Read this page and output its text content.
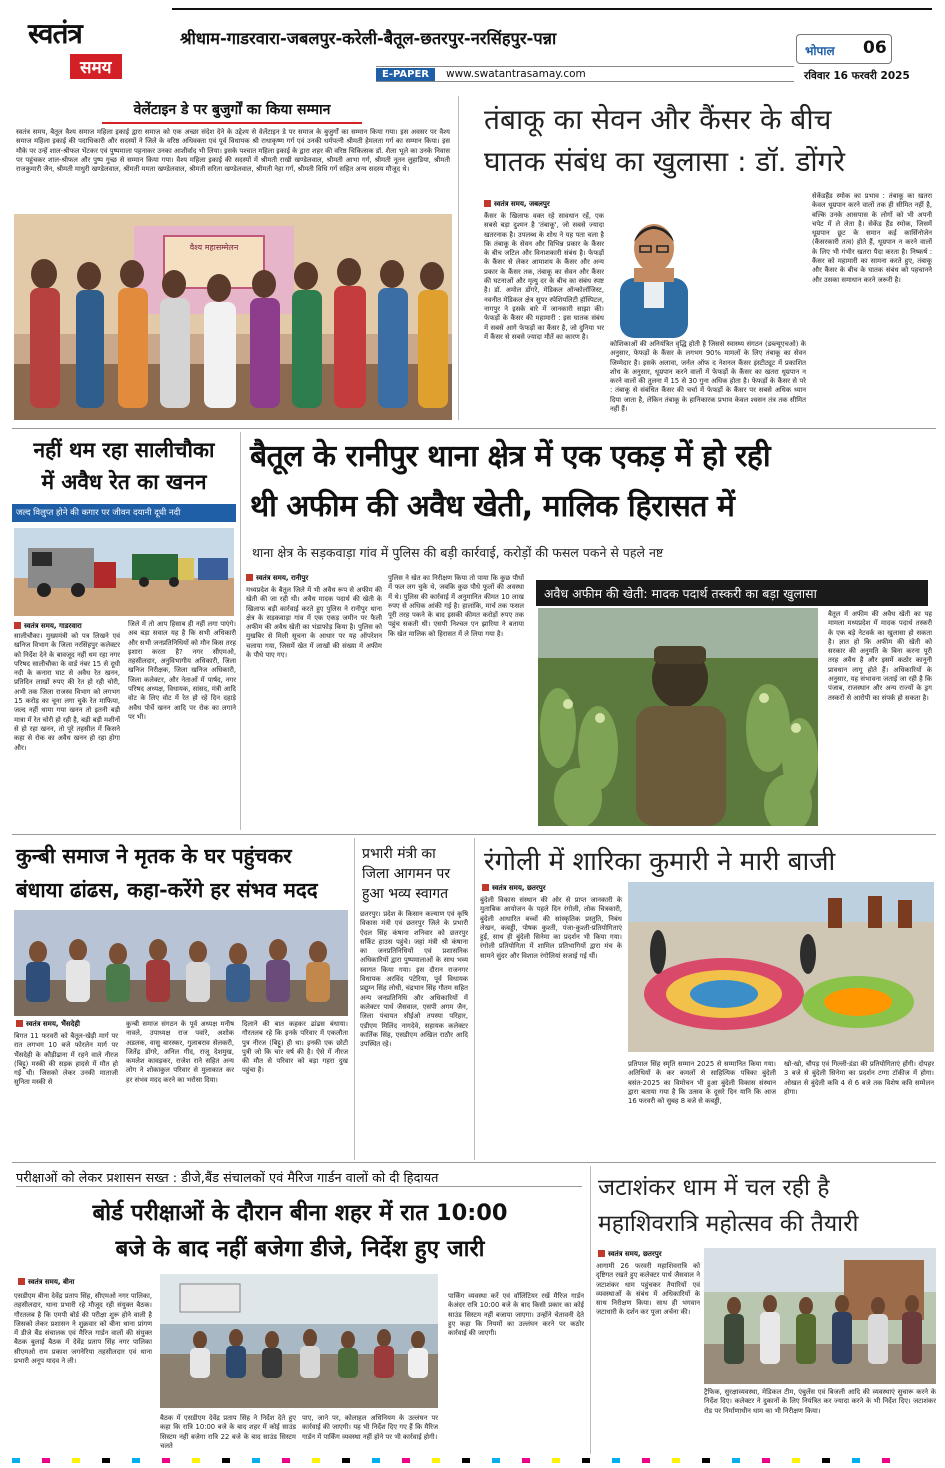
स्वतंत्र
समय
श्रीधाम-गाडरवारा-जबलपुर-करेली-बैतूल-छतरपुर-नरसिंहपुर-पन्ना
भोपाल 06
E-PAPER	www.swatantrasamay.com	रविवार 16 फरवरी 2025
वेलेंटाइन डे पर बुजुर्गों का किया सम्मान
स्वतंत्र समय, बैतूल वैश्य समाज महिला इकाई द्वारा समाज को एक अच्छा संदेश देने के उद्देश्य से वेलेंटाइन डे पर समाज के बुजुर्गों का सम्मान किया गया। इस अवसर पर वैश्य समाज महिला इकाई की पदाधिकारी और सदस्यों ने जिले के वरिष्ठ अधिवक्ता एवं पूर्व विधायक श्री राधाकृष्ण गर्ग एवं उनकी धर्मपत्नी श्रीमती हेमलता गर्ग का सम्मान किया। इस मौके पर उन्हें शाल-श्रीफल भेंटकर एवं पुष्पमाला पहनाकर उनका आशीर्वाद भी लिया। इसके पश्चात महिला इकाई के द्वारा शहर की वरिष्ठ चिकित्सक डॉ. शैला भूले का उनके निवास पर पहुंचकर शाल-श्रीफल और पुष्प गुच्छ से सम्मान किया गया। वैश्य महिला इकाई की सदस्यों में श्रीमती राखी खण्डेलवाल, श्रीमती आभा गर्ग, श्रीमती नूतन लुहाडिया, श्रीमती राजकुमारी जैन, श्रीमती माधुरी खण्डेलवाल, श्रीमती ममता खण्डेलवाल, श्रीमती सरिता खण्डेलवाल, श्रीमती नेहा गर्ग, श्रीमती विधि गर्ग सहित अन्य सदस्य मौजूद थे।
वैश्य महासम्मेलन
तंबाकू का सेवन और कैंसर के बीच
घातक संबंध का खुलासा : डॉ. डोंगरे
स्वतंत्र समय, जबलपुर
कैंसर के खिलाफ वक्त रहे सावधान रहें, एक सबसे बड़ा दुश्मन है 'तंबाकू', जो सबसे ज्यादा खतरनाक है। उपलब्ध के शोध ने यह पता चला है कि तंबाकू के सेवन और विभिन्न प्रकार के कैंसर के बीच जटिल और विनाशकारी संबंध है। फेफड़ों के कैंसर से लेकर आमाशय के कैंसर और अन्य प्रकार के कैंसर तक, तंबाकू का सेवन और कैंसर की घटनाओं और मृत्यु दर के बीच का संबंध स्पष्ट है। डॉ. अमोल डोंगरे, मेडिकल ऑन्कोलॉजिस्ट, नवनीत मेडिकल क्षेत्र सुपर स्पेशियलिटी हॉस्पिटल, नागपुर ने इसके बारे में जानकारी साझा की। फेफड़ों के कैंसर की महामारी : इस घातक संबंध में सबसे आगे फेफड़ों का कैंसर है, जो दुनिया भर में कैंसर से सबसे ज्यादा मौतें का कारण है।
कोशिकाओं की अनियंत्रित वृद्धि होती है जिससे स्वास्थ्य संगठन (डब्ल्यूएचओ) के अनुसार, फेफड़ों के कैंसर के लगभग 90% मामलों के लिए तंबाकू का सेवन जिम्मेदार है। इसके अलावा, जर्नल ऑफ द नेशनल कैंसर इंस्टीट्यूट में प्रकाशित शोध के अनुसार, धूम्रपान करने वालों में फेफड़ों के कैंसर का खतरा धूम्रपान न करने वालों की तुलना में 15 से 30 गुना अधिक होता है। फेफड़ों के कैंसर से परे : तंबाकू से संबंधित कैंसर की चर्चा में फेफड़ों के कैंसर पर सबसे अधिक ध्यान दिया जाता है, लेकिन तंबाकू के हानिकारक प्रभाव केवल श्वसन तंत्र तक सीमित नहीं हैं।
सेकेंडहैंड स्मोक का प्रभाव : तंबाकू का खतरा केवल धूम्रपान करने वालों तक ही सीमित नहीं है, बल्कि उनके आसपास के लोगों को भी अपनी चपेट में ले लेता है। सेकेंड हैंड स्मोक, जिसमें धूम्रपान छूट के समान कई कार्सिनोजेन (कैंसरकारी तत्व) होते हैं, धूम्रपान न करने वालों के लिए भी गंभीर खतरा पैदा करता है। निष्कर्ष : कैंसर को महामारी का सामना करते हुए, तंबाकू और कैंसर के बीच के घातक संबंध को पहचानने और उसका समाधान करने जरूरी है।
नहीं थम रहा सालीचौका
में अवैध रेत का खनन
जल्द विलुप्त होने की कगार पर जीवन दयानी दूधी नदी
स्वतंत्र समय, गाडरवारा
सालीचौका। मुख्यमंत्री को पत्र लिखने एवं खनिज विभाग के जिला नरसिंहपुर कलेक्टर को निर्देश देने के बावजूद नहीं थम रहा नगर परिषद सालीचौका के वार्ड नंबर 15 से दूधी नदी के कनारा घाट से अवैध रेत खनन, प्रतिदिन लाखों रुपए की रेत हो रही चोरी, अभी तक जिला राजस्व विभाग को लगभग 15 करोड़ का चूना लगा चुके रेत माफिया, जल्द नहीं थामा गया खनन तो इतनी बड़ी मात्रा में रेत चोरी हो रही है, बड़ी बड़ी मशीनों से हो रहा खनन, तो पूरे तहसील में किसने कहा से रोक का अवैध खनन हो रहा होगा और।
जिले में तो आप हिसाब ही नहीं लगा पाएंगे। अब बड़ा सवाल यह है कि सभी अधिकारी और सभी जनप्रतिनिधियों को मौन किस तरह इशारा करता है? नगर सीएमओ, तहसीलदार, अनुविभागीय अधिकारी, जिला खनिज निरीक्षक, जिला खनिज अधिकारी, जिला कलेक्टर, और नेताओं में पार्षद, नगर परिषद अध्यक्ष, विधायक, सांसद, मंत्री आदि वोट के लिए वोट में रेत हो रहे दिन दहाड़े अवैध पोर्चे खनन आदि पर रोक का लगाने पर भी।
बैतूल के रानीपुर थाना क्षेत्र में एक एकड़ में हो रही
थी अफीम की अवैध खेती, मालिक हिरासत में
थाना क्षेत्र के सड़कवाड़ा गांव में पुलिस की बड़ी कार्रवाई, करोड़ों की फसल पकने से पहले नष्ट
स्वतंत्र समय, रानीपुर
मध्यप्रदेश के बैतूल जिले में भी अवैध रूप से अफीम की खेती की जा रही थी। अवैध मादक पदार्थ की खेती के खिलाफ बड़ी कार्रवाई करते हुए पुलिस ने रानीपुर थाना क्षेत्र के सड़कवाड़ा गांव में एक एकड़ जमीन पर फैली अफीम की अवैध खेती का भंडाफोड़ किया है। पुलिस को मुखबिर से मिली सूचना के आधार पर यह ऑपरेशन चलाया गया, जिसमें खेत में लाखों की संख्या में अफीम के पौधे पाए गए।
पुलिस ने खेत का निरीक्षण किया तो पाया कि कुछ पौधों में फल लग चुके थे, जबकि कुछ पौधे फूलों की अवस्था में थे। पुलिस की कार्रवाई में अनुमानित कीमत 10 लाख रुपए से अधिक आंकी गई है। हालांकि, मार्च तक फसल पूरी तरह पकने के बाद इसकी कीमत करोड़ों रुपए तक पहुंच सकती थी। एसपी निश्चल एन झारिया ने बताया कि खेत मालिक को हिरासत में ले लिया गया है।
अवैध अफीम की खेती: मादक पदार्थ तस्करी का बड़ा खुलासा
बैतूल में अफीम की अवैध खेती का यह मामला मध्यप्रदेश में मादक पदार्थ तस्करी के एक बड़े नेटवर्क का खुलासा हो सकता है। ज्ञात हो कि अफीम की खेती को सरकार की अनुमति के बिना करना पूरी तरह अवैध है और इसमें कठोर कानूनी प्रावधान लागू होते हैं। अधिकारियों के अनुसार, यह संभावना जताई जा रही है कि पंजाब, राजस्थान और अन्य राज्यों के ड्रग तस्करों से आरोपी का संपर्क हो सकता है।
कुन्बी समाज ने मृतक के घर पहुंचकर
बंधाया ढांढस, कहा-करेंगे हर संभव मदद
स्वतंत्र समय, भैंसदेही
बिगत 11 फरवरी को बैतूल-खेड़ी मार्ग पर रात लगभग 10 बजे फोरलेन मार्ग पर भैंसदेही के कौड़ीढाना में रहने वाले नीरज (बिट्टू) मस्की की सड़क हादसे में मौत हो गई थी। जिसको लेकर उनकी माताजी सुनिता मस्की से
कुन्बी समाज संगठन के पूर्व अध्यक्ष मनीष नावले, उपाध्यक्ष राज पवांरे, अशोक अडलक, वासु बारस्कर, गुलाबराव सेलकरी, जितेंद्र डोंगरे, अनिल गीद, राजू देशमुख, कमलेश कावड़कर, राजेश राने सहित अन्य लोग ने शोकाकुल परिवार से मुलाकात कर हर संभव मदद करने का भरोसा दिया।
दिलाने की बात कहकर ढांढस बंधाया। गौरतलब रहे कि इनके परिवार में एकलौता पुत्र नीरज (बिट्टू) ही था। इनकी एक छोटी पुत्री जो कि चार वर्ष की है। ऐसे में नीरज की मौत से परिवार को बड़ा गहरा दुख पहुंचा है।
प्रभारी मंत्री का
जिला आगमन पर
हुआ भव्य स्वागत
छतरपुर। प्रदेश के किसान कल्याण एवं कृषि विकास मंत्री एवं छतरपुर जिले के प्रभारी ऐदल सिंह कंषाना शनिवार को छतरपुर सर्किट हाउस पहुंचे। जहां मंत्री श्री कंषाना का जनप्रतिनिधियों एवं प्रशासनिक अधिकारियों द्वारा पुष्पमालाओं के साथ भव्य स्वागत किया गया। इस दौरान राजनगर विधायक अरविंद पटेरिया, पूर्व विधायक प्रद्युम्न सिंह लोधी, चंद्रभान सिंह गौतम सहित अन्य जनप्रतिनिधि और अधिकारियों में कलेक्टर पार्थ जैसवाल, एसपी अगम जैन, जिला पंचायत सीईओ तपस्या परिहार, एडीएम मिलिंद नागदेवे, सहायक कलेक्टर कार्तिक सिंह, एसडीएम अखिल राठौर आदि उपस्थित रहे।
रंगोली में शारिका कुमारी ने मारी बाजी
स्वतंत्र समय, छतरपुर
बुंदेली विकास संस्थान की ओर से प्राप्त जानकारी के मुताबिक आयोजन के पहले दिन रंगोली, लोक चित्रकारी, बुंदेली आधारित बच्चों की सांस्कृतिक प्रस्तुति, निबंध लेखन, कबड्डी, पोषक कुश्ती, पंजा-कुश्ती-प्रतियोगिताएं हुईं, साथ ही बुंदेली सिनेमा का प्रदर्शन भी किया गया। रंगोली प्रतियोगिता में शामिल प्रतिभागियों द्वारा मंच के सामने सुंदर और विशाल रंगोलियां सजाई गई थीं।
प्रतिपाल सिंह स्मृति सम्मान 2025 से सम्मानित किया गया। अतिथियों के कर कमलों से साहित्यिक पत्रिका बुंदेली बसंत-2025 का विमोचन भी हुआ बुंदेली विकास संस्थान द्वारा बताया गया है कि उत्सव के दूसरे दिन यानि कि आज 16 फरवरी को सुबह 8 बजे से कबड्डी,
खो-खो, चौपड़ एवं गिल्ली-डंडा की प्रतियोगिताएं होंगी। दोपहर 3 बजे से बुंदेली सिनेमा का प्रदर्शन टग्गा टॉकीज में होगा। ओखल से बुंदेली कवि 4 से 6 बजे तक विशेष कवि सम्मेलन होगा।
परीक्षाओं को लेकर प्रशासन सख्त : डीजे,बैंड संचालकों एवं मैरिज गार्डन वालों को दी हिदायत
बोर्ड परीक्षाओं के दौरान बीना शहर में रात 10:00
बजे के बाद नहीं बजेगा डीजे, निर्देश हुए जारी
स्वतंत्र समय, बीना
एसडीएम बीना देवेंद्र प्रताप सिंह, सीएमओ नगर पालिका, तहसीलदार, थाना प्रभारी रहे मौजूद रही संयुक्त बैठक। गौरतलब है कि एमपी बोर्ड की परीक्षा शुरू होने वाली है जिसको लेकर प्रशासन ने शुक्रवार को बीना थाना प्रांगण में डीजे बैंड संचालक एवं मैरिज गार्डन वालों की संयुक्त बैठक बुलाई बैठक में देवेंद्र प्रताप सिंह नगर पालिका सीएमओ राम प्रकाश जगनेरिया तहसीलदार एवं थाना प्रभारी अनूप यादव ने ली।
बैठक में एसडीएम देवेंद्र प्रताप सिंह ने निर्देश देते हुए कहा कि रात्रि 10:00 बजे के बाद शहर में कोई साउंड सिस्टम नहीं बजेगा रात्रि 22 बजे के बाद साउंड सिस्टम चलते
पाए, जाने पर, कोलाहल अधिनियम के उल्लंघन पर कार्रवाई की जाएगी। यह भी निर्देश दिए गए हैं कि मैरिज गार्डन में पार्किंग व्यवस्था नहीं होने पर भी कार्रवाई होगी।
पार्किंग व्यवस्था करें एवं वॉलिंटियर रखें मैरिज गार्डन केअंदर रात्रि 10:00 बजे के बाद किसी प्रकार का कोई साउंड सिस्टम नहीं बजाया जाएगा। उन्होंने चेतावनी देते हुए कहा कि नियमों का उल्लंघन करने पर कठोर कार्रवाई की जाएगी।
जटाशंकर धाम में चल रही है
महाशिवरात्रि महोत्सव की तैयारी
स्वतंत्र समय, छतरपुर
आगामी 26 फरवरी महाशिवरात्रि को दृष्टिगत रखते हुए कलेक्टर पार्थ जैसवाल ने जटाशंकर धाम पहुंचकर तैयारियों एवं व्यवस्थाओं के संबंध में अधिकारियों के साथ निरीक्षण किया। साथ ही भगवान जटाधारी के दर्शन कर पूजा अर्चना की।
ट्रैफिक, सुरक्षाव्यवस्था, मेडिकल टीम, एंबुलेंस एवं बिजली आदि की व्यवस्थाएं सुचारू करने के निर्देश दिए। कलेक्टर ने दुकानों के लिए नियंत्रित कर ज्यादा करने के भी निर्देश दिए। जटाशंकर रोड पर निर्माणाधीन धाम का भी निरीक्षण किया।
